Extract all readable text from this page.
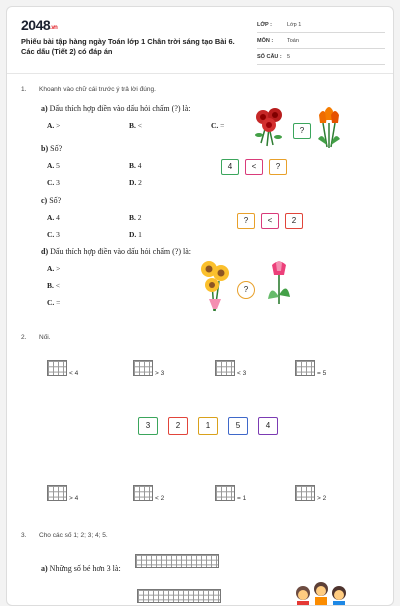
2048.vn
Phiếu bài tập hàng ngày Toán lớp 1 Chân trời sáng tạo Bài 6. Các dấu (Tiết 2) có đáp án
LỚP :	Lớp 1
MÔN :	Toán
SỐ CÂU : 5
1. Khoanh vào chữ cái trước ý trả lời đúng.
a) Dấu thích hợp điền vào dấu hỏi chấm (?) là:
A. >	B. <	C. =
?
b) Số?
A. 5	B. 4
C. 3	D. 2
4	<	?
c) Số?
A. 4	B. 2
C. 3	D. 1
?	<	2
d) Dấu thích hợp điền vào dấu hỏi chấm (?) là:
A. >
B. <
C. =
?
2. Nối.
< 4	> 3	< 3	= 5
3	2	1	5	4
> 4	< 2	= 1	> 2
3. Cho các số 1; 2; 3; 4; 5.
a) Những số bé hơn 3 là:
